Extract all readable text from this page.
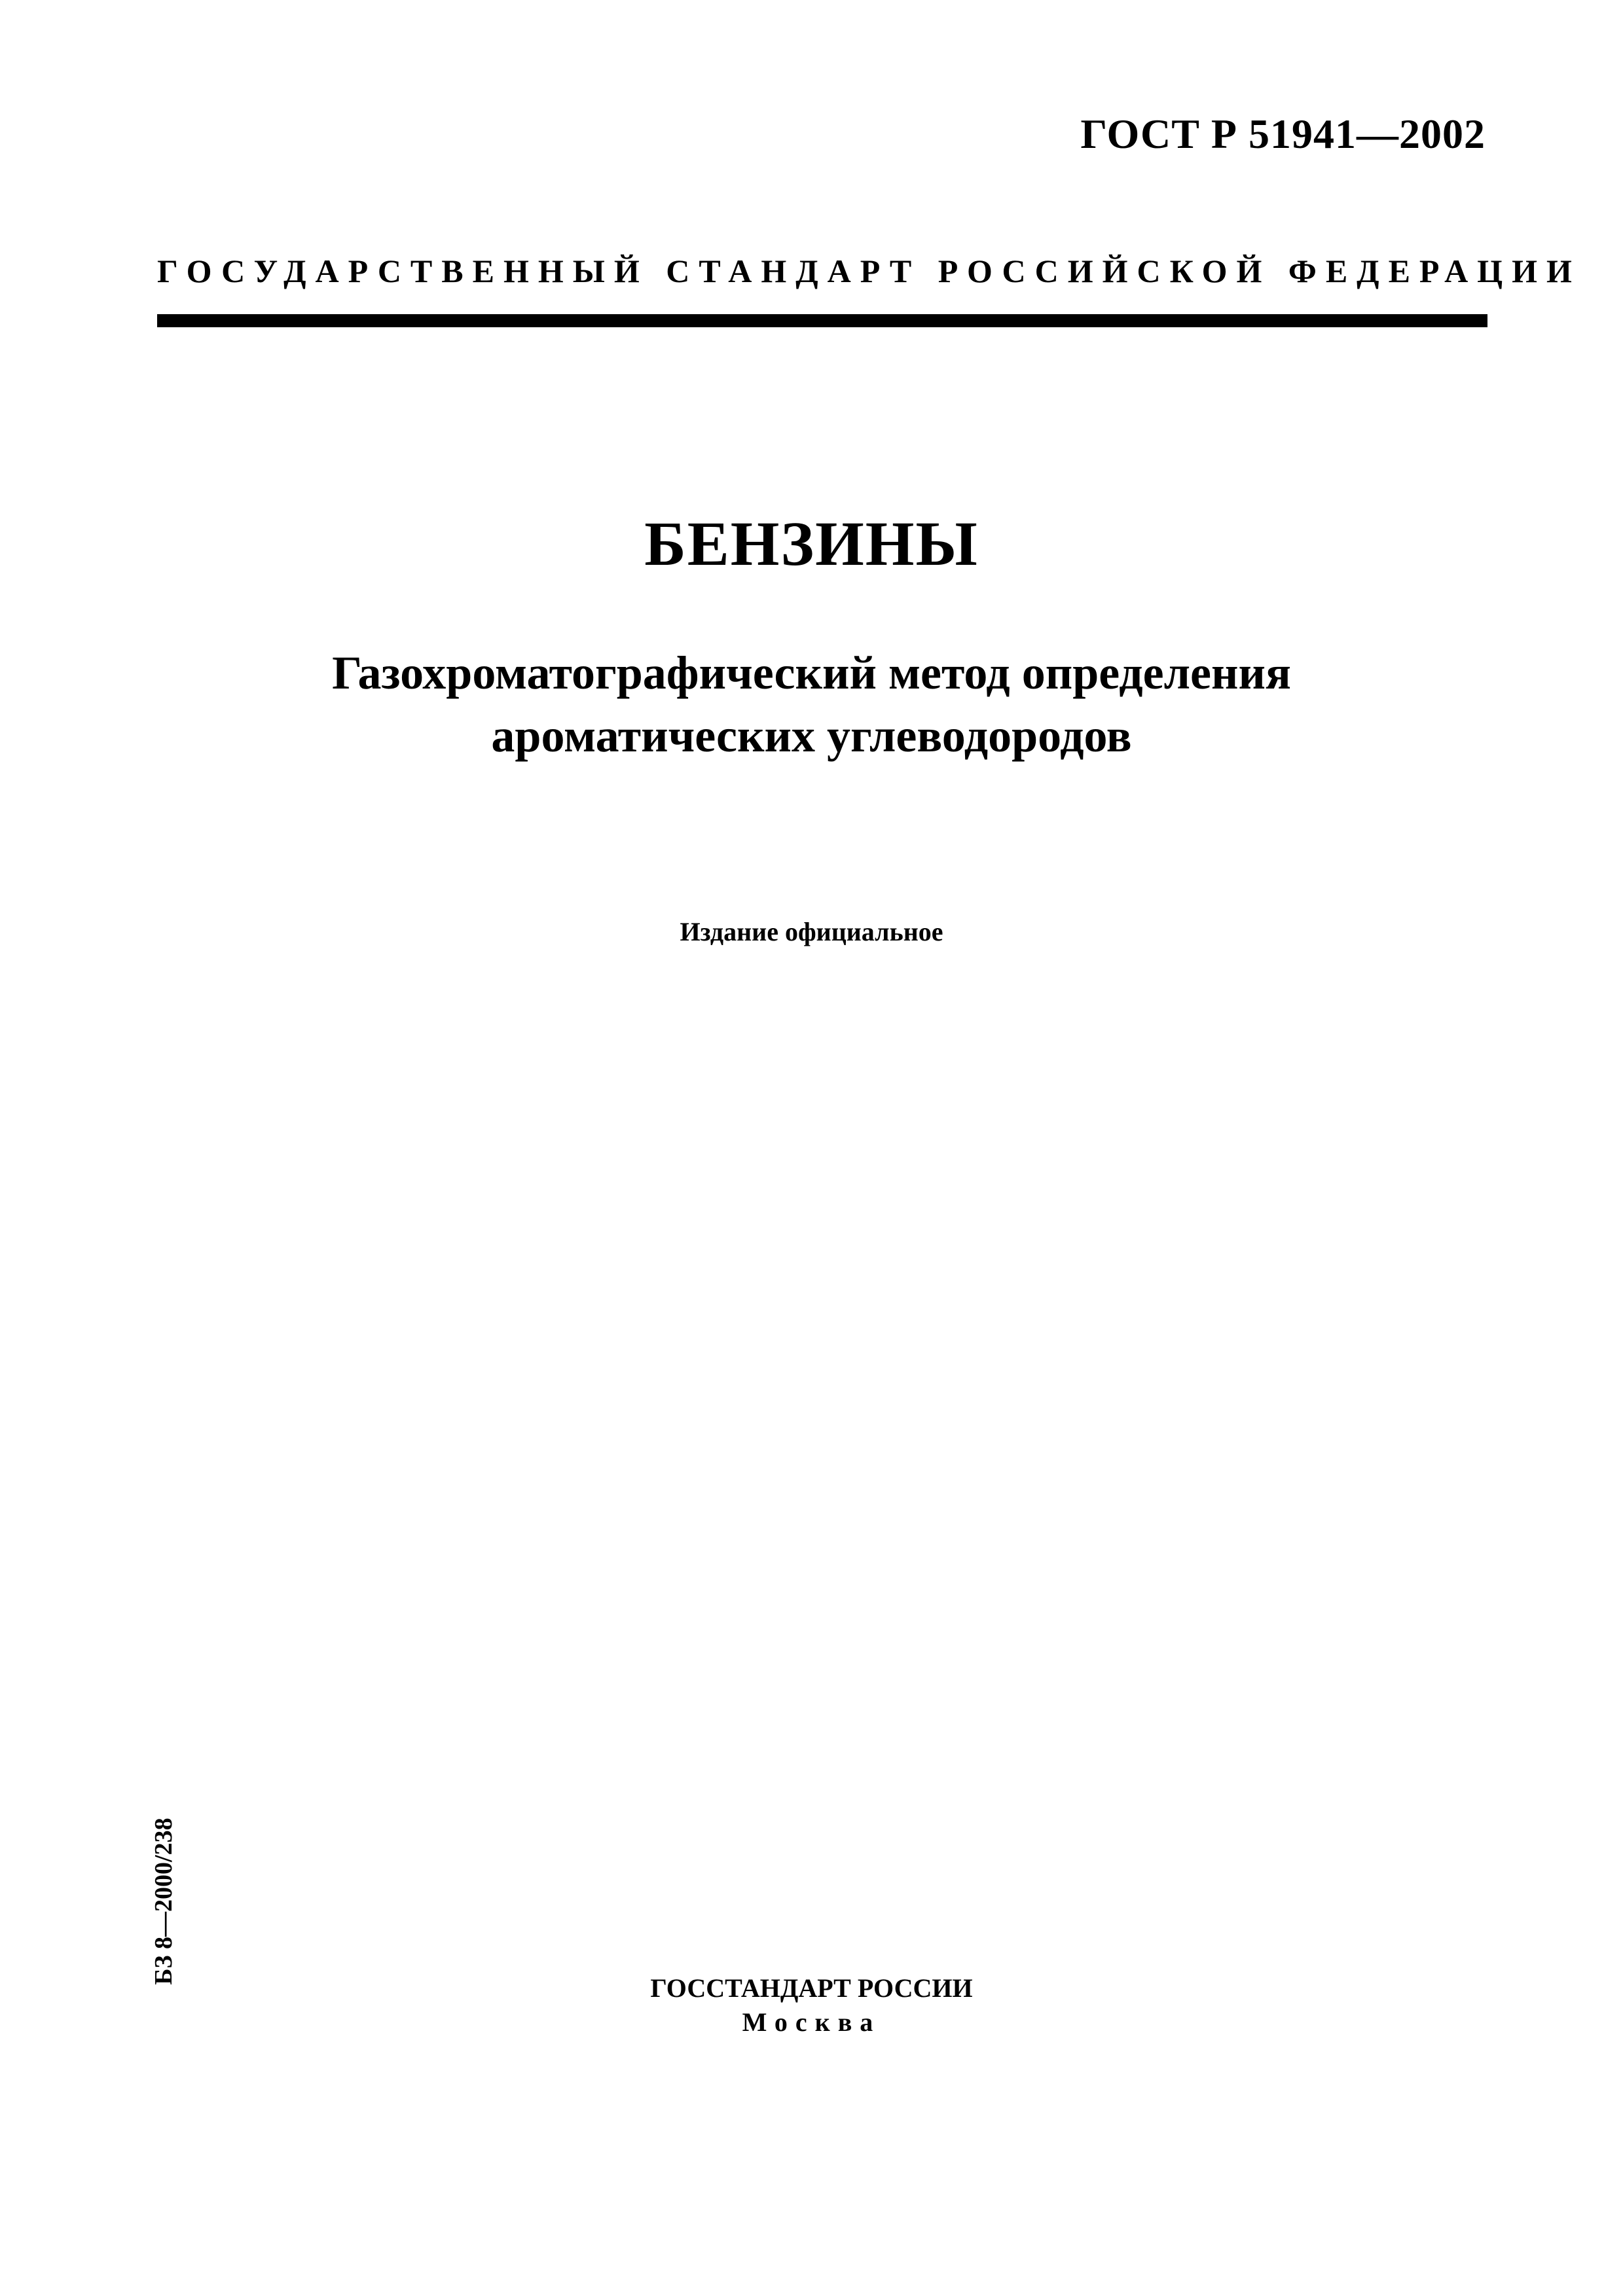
ГОСТ Р 51941—2002
ГОСУДАРСТВЕННЫЙ СТАНДАРТ РОССИЙСКОЙ ФЕДЕРАЦИИ
БЕНЗИНЫ
Газохроматографический метод определения
ароматических углеводородов
Издание официальное
БЗ 8—2000/238
ГОССТАНДАРТ РОССИИ
Москва
